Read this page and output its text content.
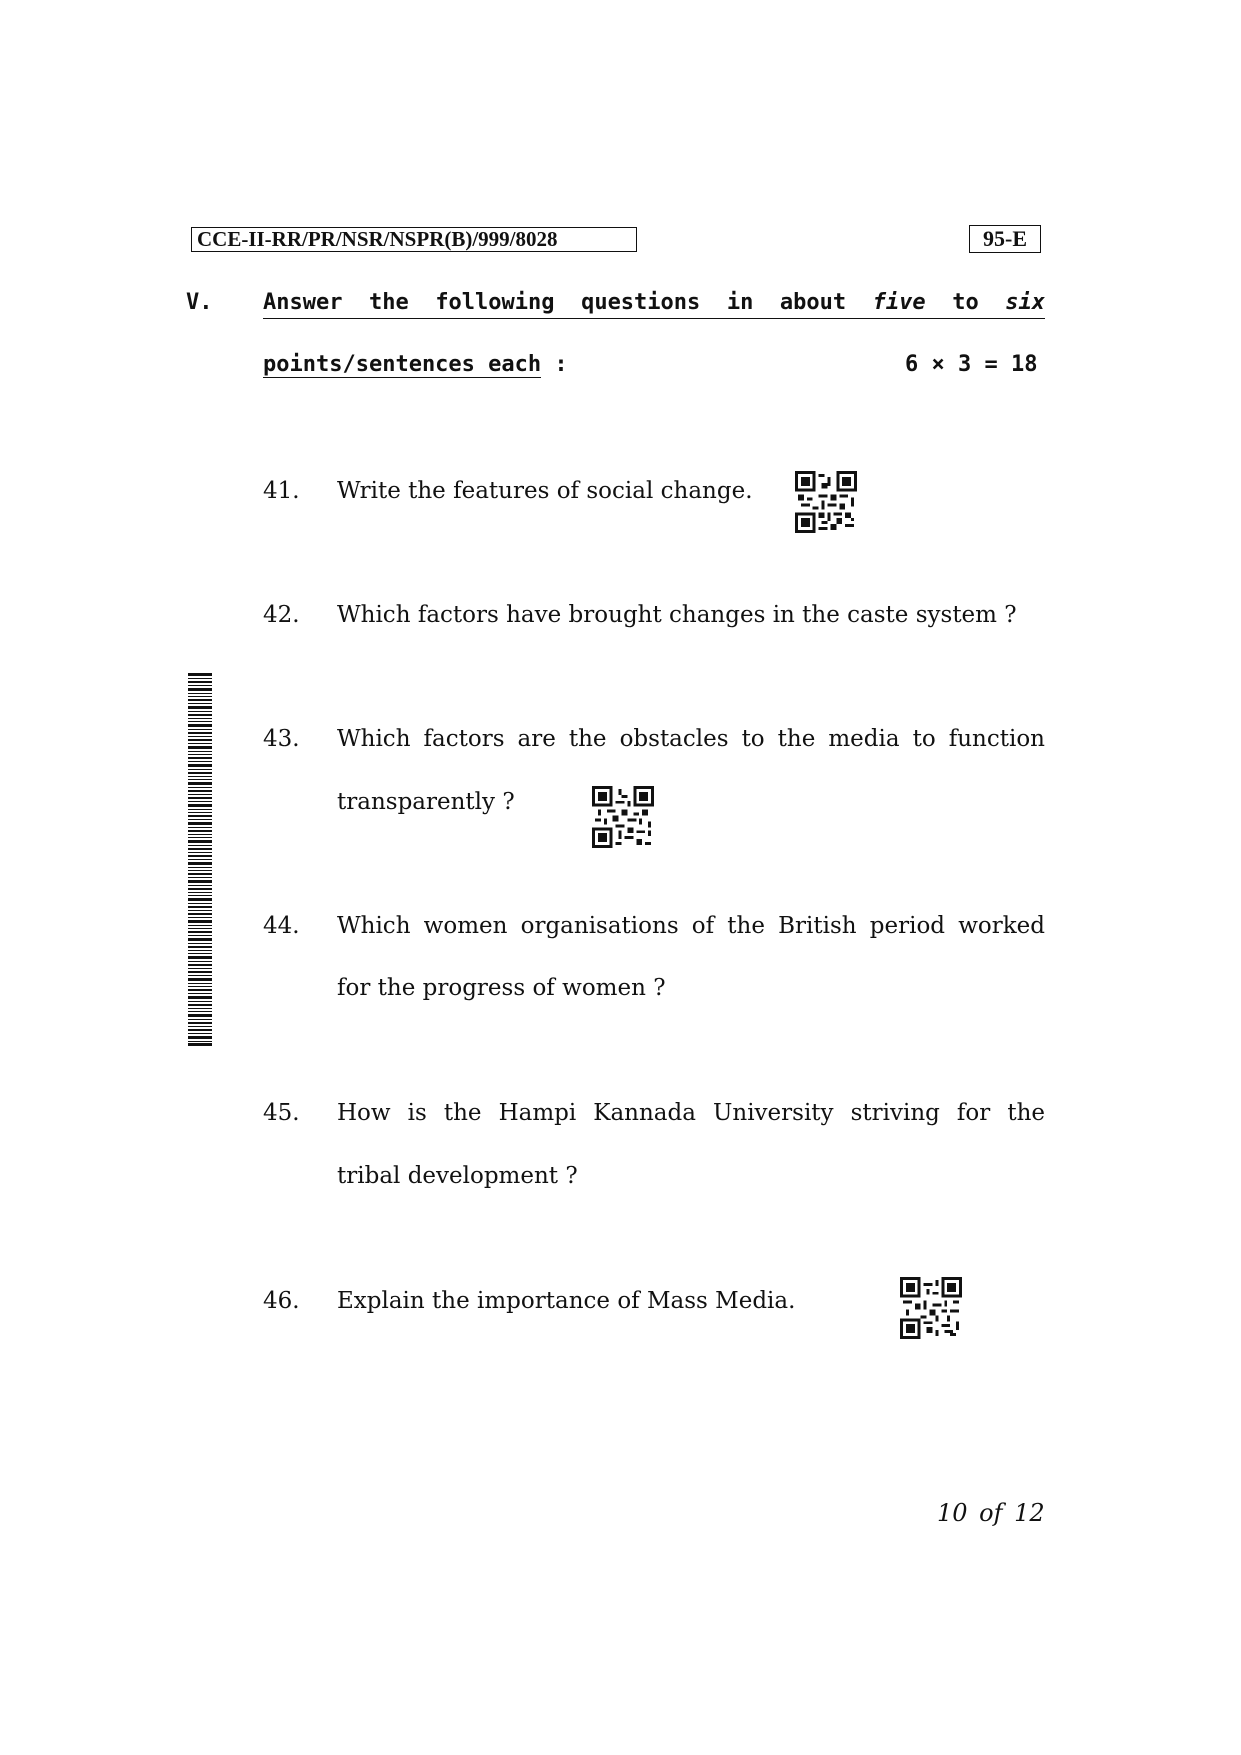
CCE-II-RR/PR/NSR/NSPR(B)/999/8028	95-E
V. Answer the following questions in about five to six
points/sentences each :	6 × 3 = 18
41. Write the features of social change.
42. Which factors have brought changes in the caste system ?
43. Which factors are the obstacles to the media to function
transparently ?
44. Which women organisations of the British period worked
for the progress of women ?
45. How is the Hampi Kannada University striving for the
tribal development ?
46. Explain the importance of Mass Media.
10 of 12
